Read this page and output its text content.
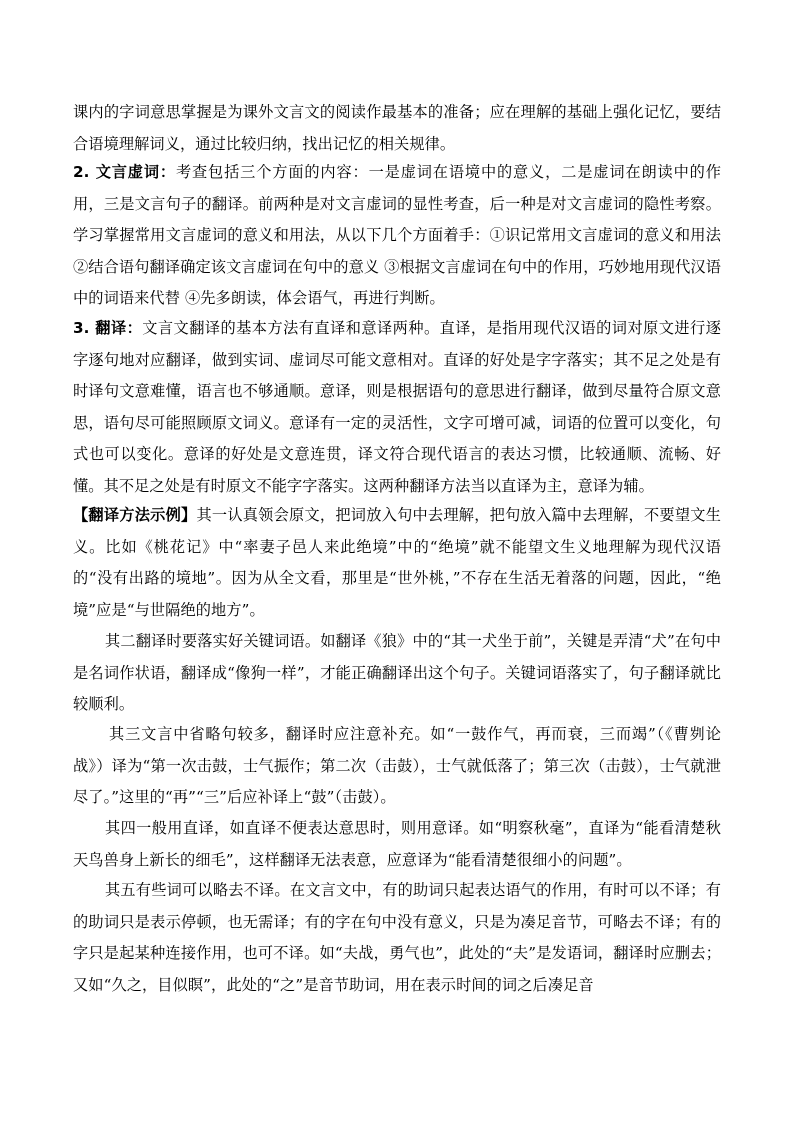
课内的字词意思掌握是为课外文言文的阅读作最基本的准备；应在理解的基础上强化记忆，要结合语境理解词义，通过比较归纳，找出记忆的相关规律。
2. 文言虚词：考查包括三个方面的内容：一是虚词在语境中的意义，二是虚词在朗读中的作用，三是文言句子的翻译。前两种是对文言虚词的显性考查，后一种是对文言虚词的隐性考察。学习掌握常用文言虚词的意义和用法，从以下几个方面着手：①识记常用文言虚词的意义和用法②结合语句翻译确定该文言虚词在句中的意义 ③根据文言虚词在句中的作用，巧妙地用现代汉语中的词语来代替 ④先多朗读，体会语气，再进行判断。
3. 翻译：文言文翻译的基本方法有直译和意译两种。直译，是指用现代汉语的词对原文进行逐字逐句地对应翻译，做到实词、虚词尽可能文意相对。直译的好处是字字落实；其不足之处是有时译句文意难懂，语言也不够通顺。意译，则是根据语句的意思进行翻译，做到尽量符合原文意思，语句尽可能照顾原文词义。意译有一定的灵活性，文字可增可减，词语的位置可以变化，句式也可以变化。意译的好处是文意连贯，译文符合现代语言的表达习惯，比较通顺、流畅、好懂。其不足之处是有时原文不能字字落实。这两种翻译方法当以直译为主，意译为辅。
【翻译方法示例】其一认真领会原文，把词放入句中去理解，把句放入篇中去理解，不要望文生义。比如《桃花记》中“率妻子邑人来此绝境”中的“绝境”就不能望文生义地理解为现代汉语的“没有出路的境地”。因为从全文看，那里是“世外桃，”不存在生活无着落的问题，因此，“绝境”应是“与世隔绝的地方”。
其二翻译时要落实好关键词语。如翻译《狼》中的“其一犬坐于前”，关键是弄清“犬”在句中是名词作状语，翻译成“像狗一样”，才能正确翻译出这个句子。关键词语落实了，句子翻译就比较顺利。
其三文言中省略句较多，翻译时应注意补充。如“一鼓作气，再而衰，三而竭”（《曹刿论战》）译为“第一次击鼓，士气振作；第二次（击鼓），士气就低落了；第三次（击鼓），士气就泄尽了。”这里的“再”“三”后应补译上“鼓”（击鼓）。
其四一般用直译，如直译不便表达意思时，则用意译。如“明察秋毫”，直译为“能看清楚秋天鸟兽身上新长的细毛”，这样翻译无法表意，应意译为“能看清楚很细小的问题”。
其五有些词可以略去不译。在文言文中，有的助词只起表达语气的作用，有时可以不译；有的助词只是表示停顿，也无需译；有的字在句中没有意义，只是为凑足音节，可略去不译；有的字只是起某种连接作用，也可不译。如“夫战，勇气也”，此处的“夫”是发语词，翻译时应删去；又如“久之，目似瞑”，此处的“之”是音节助词，用在表示时间的词之后凑足音
